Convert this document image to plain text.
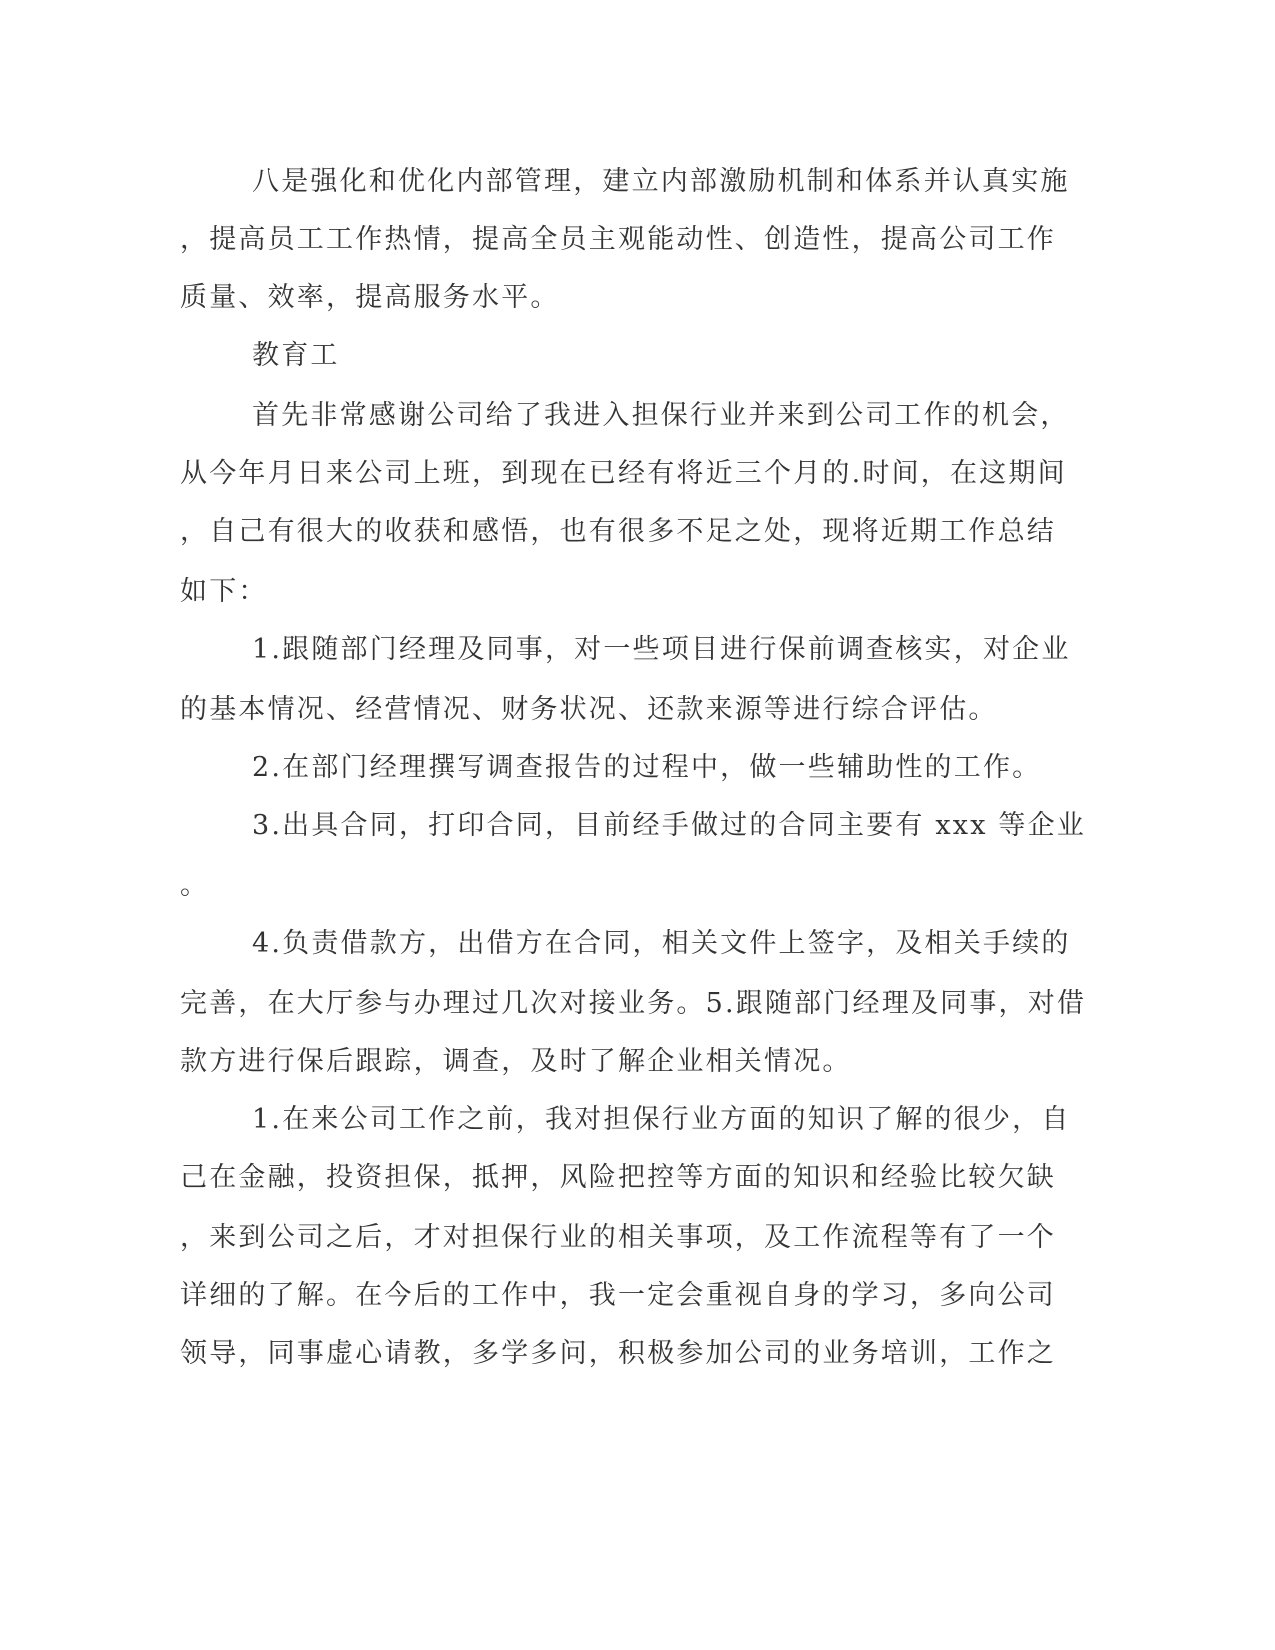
八是强化和优化内部管理，建立内部激励机制和体系并认真实施
，提高员工工作热情，提高全员主观能动性、创造性，提高公司工作
质量、效率，提高服务水平。
教育工
首先非常感谢公司给了我进入担保行业并来到公司工作的机会，
从今年月日来公司上班，到现在已经有将近三个月的.时间，在这期间
，自己有很大的收获和感悟，也有很多不足之处，现将近期工作总结
如下：
1.跟随部门经理及同事，对一些项目进行保前调查核实，对企业
的基本情况、经营情况、财务状况、还款来源等进行综合评估。
2.在部门经理撰写调查报告的过程中，做一些辅助性的工作。
3.出具合同，打印合同，目前经手做过的合同主要有 xxx 等企业
。
4.负责借款方，出借方在合同，相关文件上签字，及相关手续的
完善，在大厅参与办理过几次对接业务。5.跟随部门经理及同事，对借
款方进行保后跟踪，调查，及时了解企业相关情况。
1.在来公司工作之前，我对担保行业方面的知识了解的很少，自
己在金融，投资担保，抵押，风险把控等方面的知识和经验比较欠缺
，来到公司之后，才对担保行业的相关事项，及工作流程等有了一个
详细的了解。在今后的工作中，我一定会重视自身的学习，多向公司
领导，同事虚心请教，多学多问，积极参加公司的业务培训，工作之
